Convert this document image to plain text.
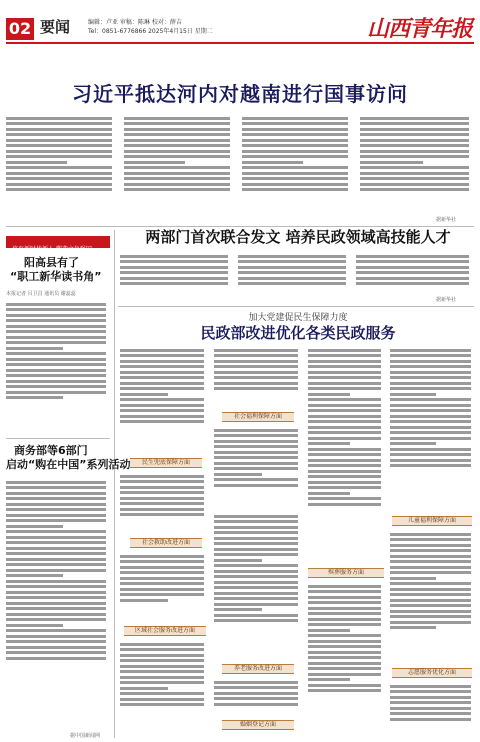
02 要闻	编辑：卢亚 审稿：陈琳 校对：薛吉
Tel：0851-6776866 2025年4月15日 星期二	山西青年报
习近平抵达河内对越南进行国事访问
据新华社
培育新时代新人 塑造文化强国
阳高县有了
“职工新华读书角”
本报记者 吕卫昌 通讯员 谢蕊蕊
商务部等6部门
启动“购在中国”系列活动
据中国新闻网
两部门首次联合发文 培养民政领域高技能人才
据新华社
加大党建促民生保障力度
民政部改进优化各类民政服务
民生兜底保障方面
社会救助改进方面
区域社会服务改进方面
社会福利保障方面
养老服务改进方面
婚姻登记方面
殡葬服务方面
儿童福利保障方面
志愿服务优化方面
